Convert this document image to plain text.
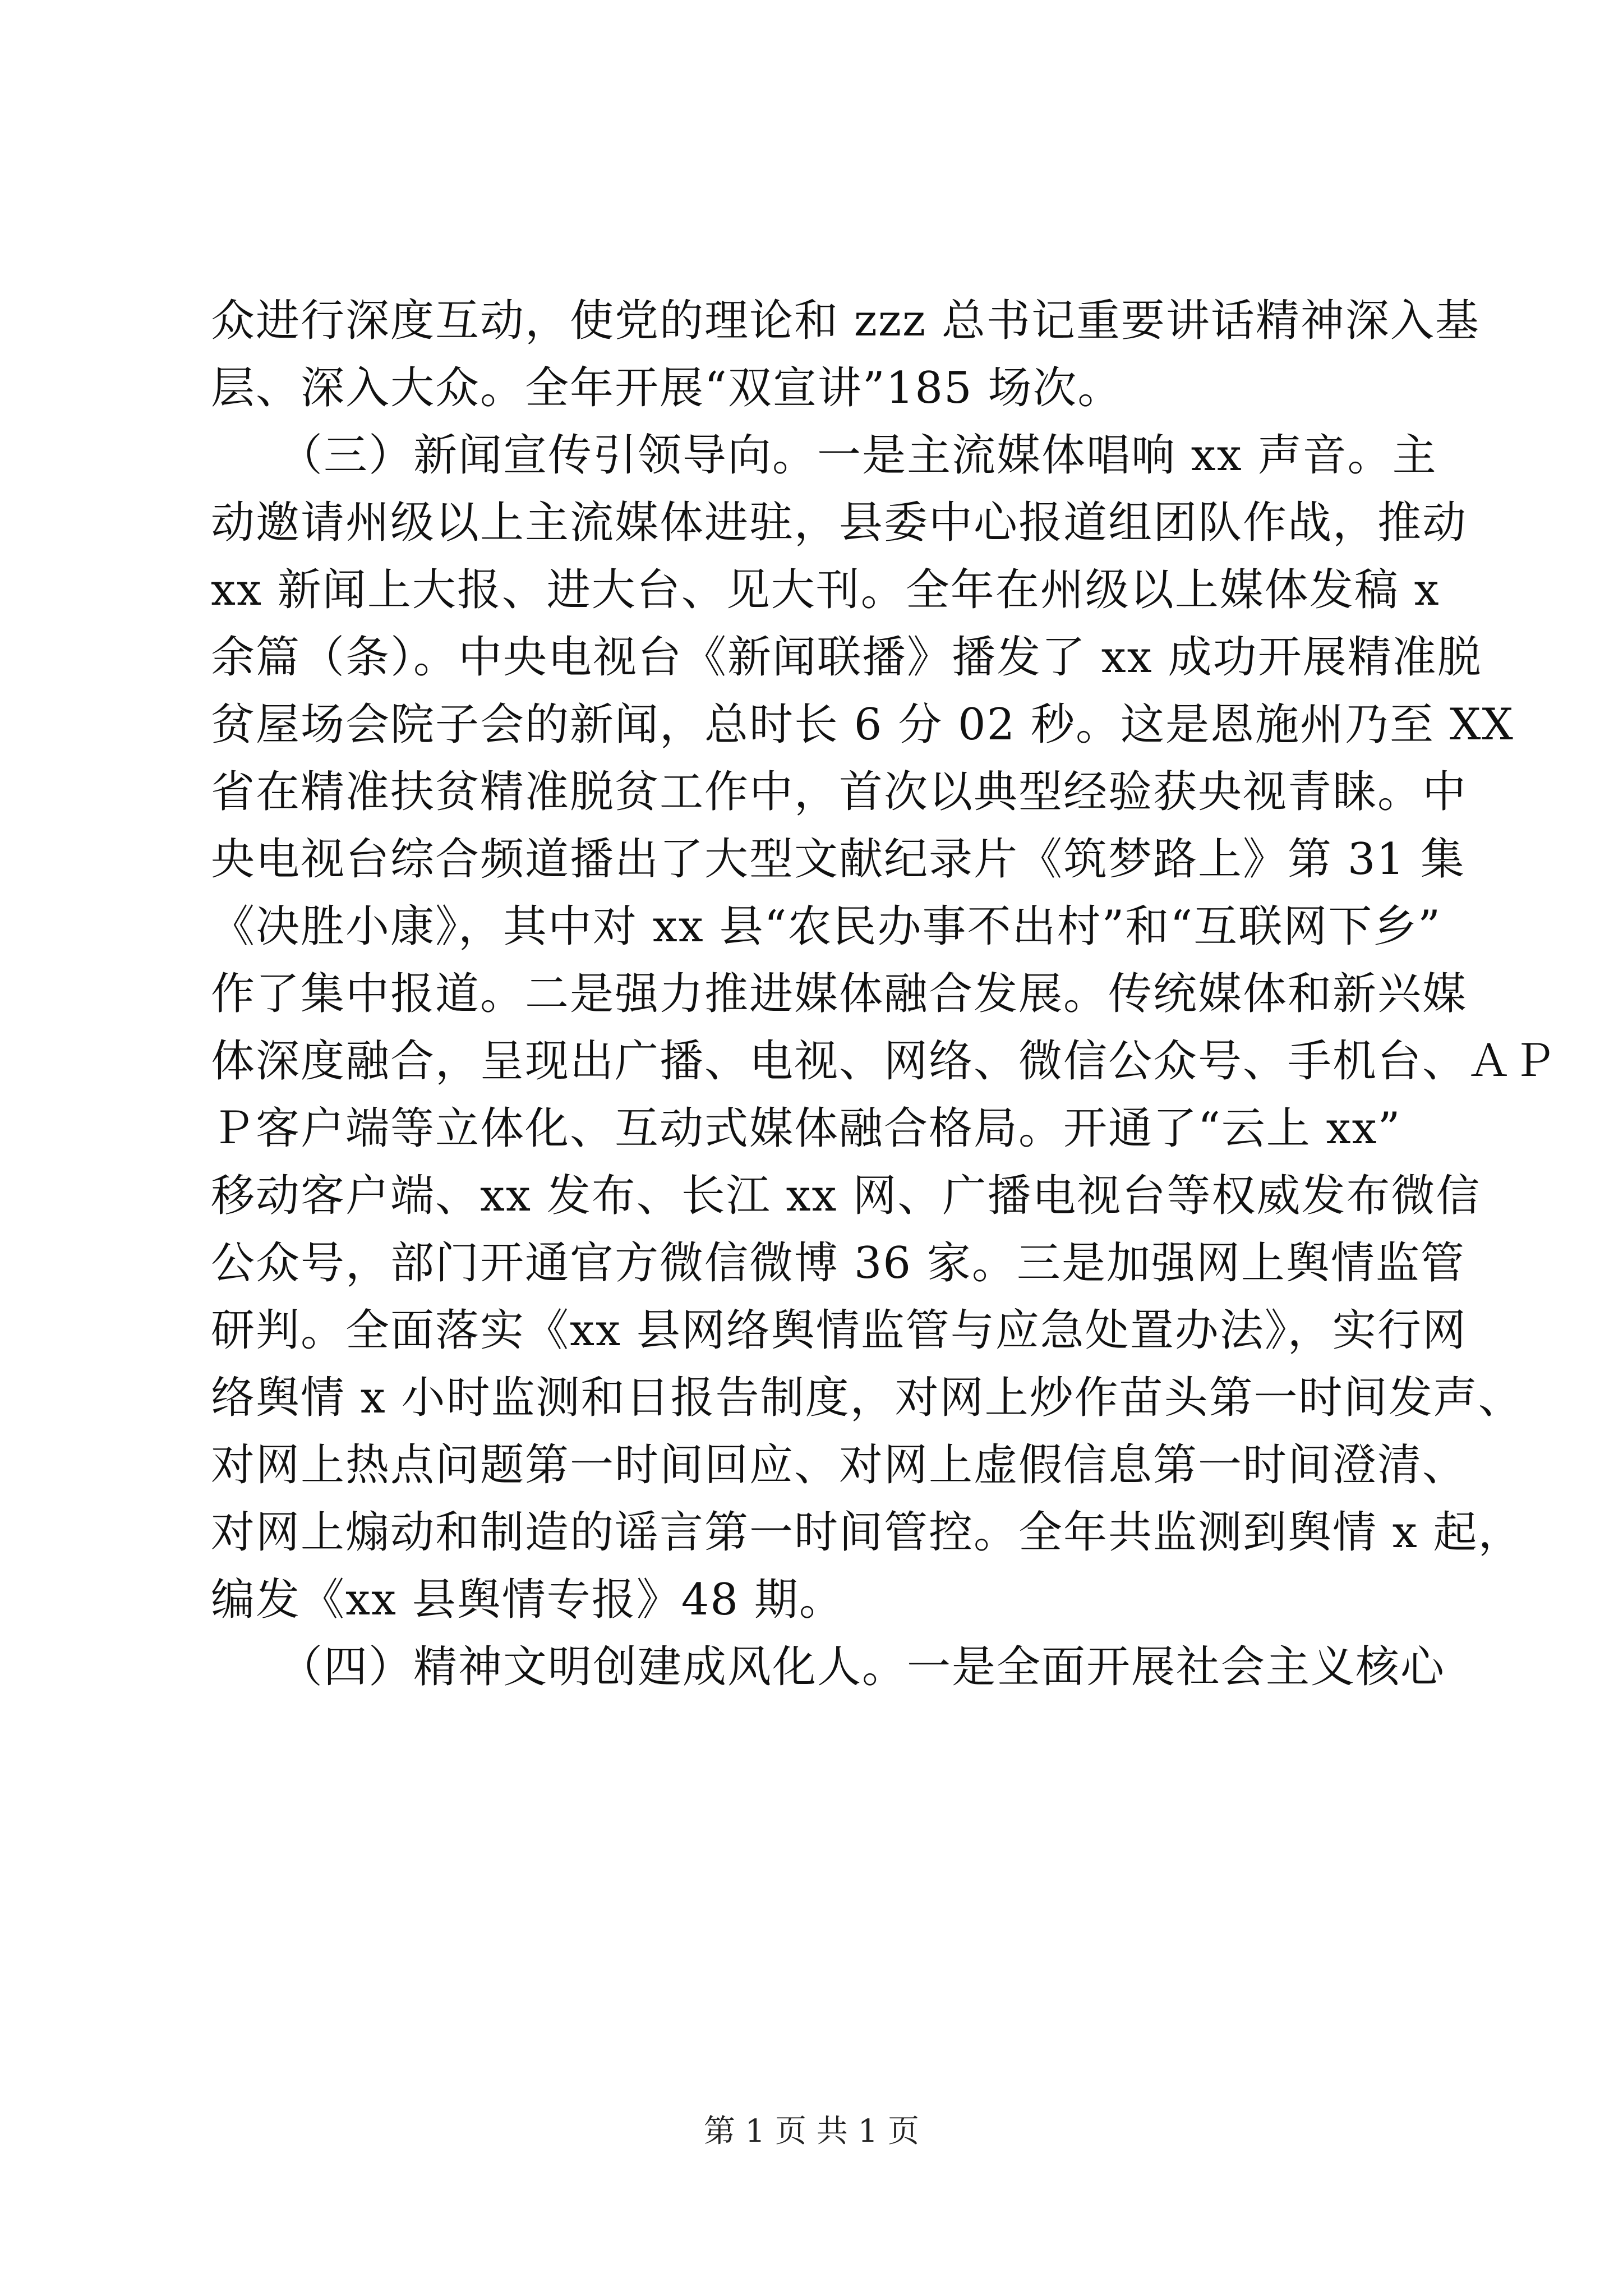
众进行深度互动，使党的理论和 zzz 总书记重要讲话精神深入基
层、深入大众。全年开展“双宣讲”185 场次。
　　（三）新闻宣传引领导向。一是主流媒体唱响 xx 声音。主
动邀请州级以上主流媒体进驻，县委中心报道组团队作战，推动
xx 新闻上大报、进大台、见大刊。全年在州级以上媒体发稿 x
余篇（条）。中央电视台《新闻联播》播发了 xx 成功开展精准脱
贫屋场会院子会的新闻，总时长 6 分 02 秒。这是恩施州乃至 XX
省在精准扶贫精准脱贫工作中，首次以典型经验获央视青睐。中
央电视台综合频道播出了大型文献纪录片《筑梦路上》第 31 集
《决胜小康》，其中对 xx 县“农民办事不出村”和“互联网下乡”
作了集中报道。二是强力推进媒体融合发展。传统媒体和新兴媒
体深度融合，呈现出广播、电视、网络、微信公众号、手机台、ＡＰ
Ｐ客户端等立体化、互动式媒体融合格局。开通了“云上 xx”
移动客户端、xx 发布、长江 xx 网、广播电视台等权威发布微信
公众号，部门开通官方微信微博 36 家。三是加强网上舆情监管
研判。全面落实《xx 县网络舆情监管与应急处置办法》，实行网
络舆情 x 小时监测和日报告制度，对网上炒作苗头第一时间发声、
对网上热点问题第一时间回应、对网上虚假信息第一时间澄清、
对网上煽动和制造的谣言第一时间管控。全年共监测到舆情 x 起，
编发《xx 县舆情专报》48 期。
　　（四）精神文明创建成风化人。一是全面开展社会主义核心
第 1 页 共 1 页
